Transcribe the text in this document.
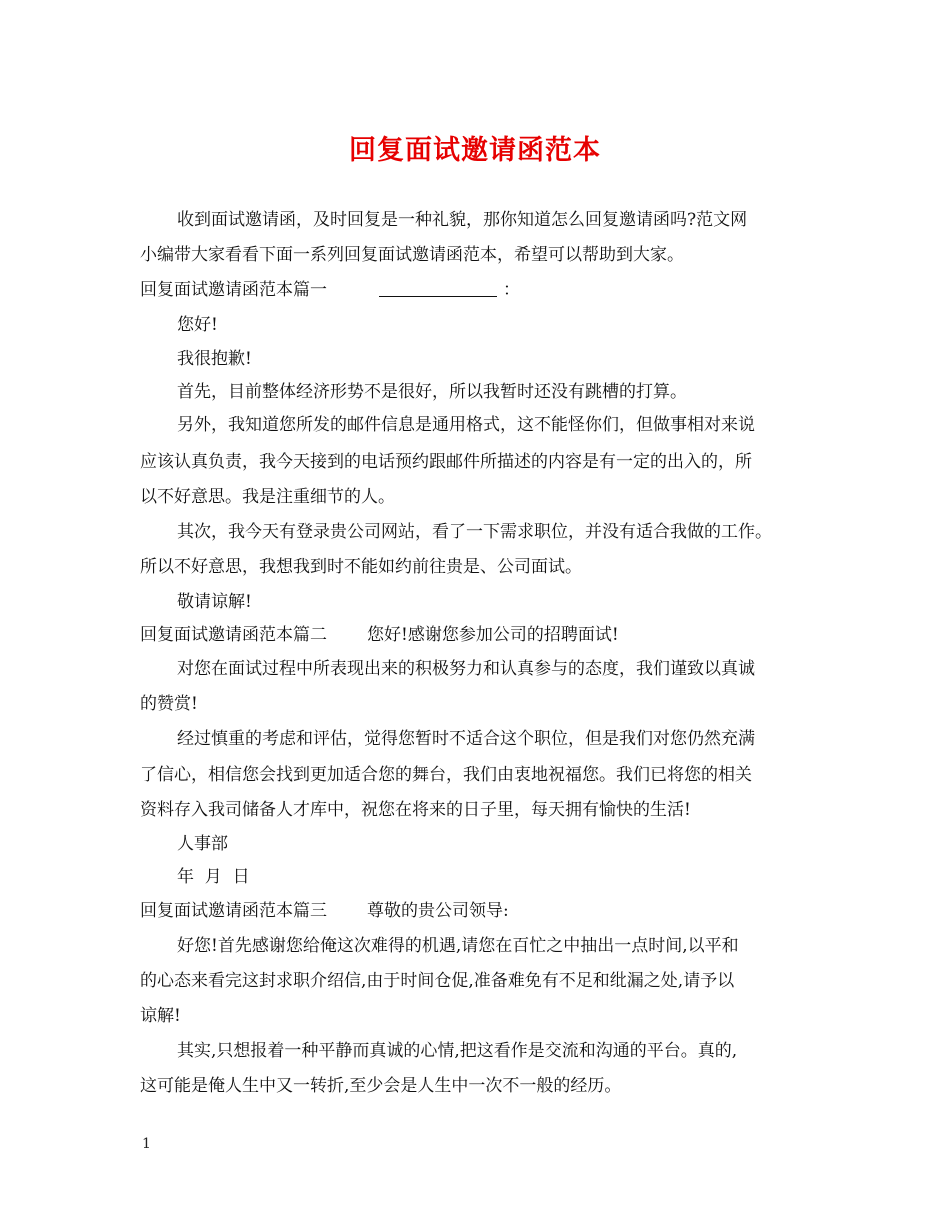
回复面试邀请函范本

收到面试邀请函，及时回复是一种礼貌，那你知道怎么回复邀请函吗?范文网

小编带大家看看下面一系列回复面试邀请函范本，希望可以帮助到大家。

回复面试邀请函范本篇一	：

您好!

我很抱歉!

首先，目前整体经济形势不是很好，所以我暂时还没有跳槽的打算。

另外，我知道您所发的邮件信息是通用格式，这不能怪你们，但做事相对来说

应该认真负责，我今天接到的电话预约跟邮件所描述的内容是有一定的出入的，所

以不好意思。我是注重细节的人。

其次，我今天有登录贵公司网站，看了一下需求职位，并没有适合我做的工作。

所以不好意思，我想我到时不能如约前往贵是、公司面试。

敬请谅解!

回复面试邀请函范本篇二 您好!感谢您参加公司的招聘面试!

对您在面试过程中所表现出来的积极努力和认真参与的态度，我们谨致以真诚

的赞赏!

经过慎重的考虑和评估，觉得您暂时不适合这个职位，但是我们对您仍然充满

了信心，相信您会找到更加适合您的舞台，我们由衷地祝福您。我们已将您的相关

资料存入我司储备人才库中，祝您在将来的日子里，每天拥有愉快的生活!

人事部

年  月  日

回复面试邀请函范本篇三 尊敬的贵公司领导:

好您!首先感谢您给俺这次难得的机遇,请您在百忙之中抽出一点时间,以平和

的心态来看完这封求职介绍信,由于时间仓促,准备难免有不足和纰漏之处,请予以

谅解!

其实,只想报着一种平静而真诚的心情,把这看作是交流和沟通的平台。真的,

这可能是俺人生中又一转折,至少会是人生中一次不一般的经历。

1
